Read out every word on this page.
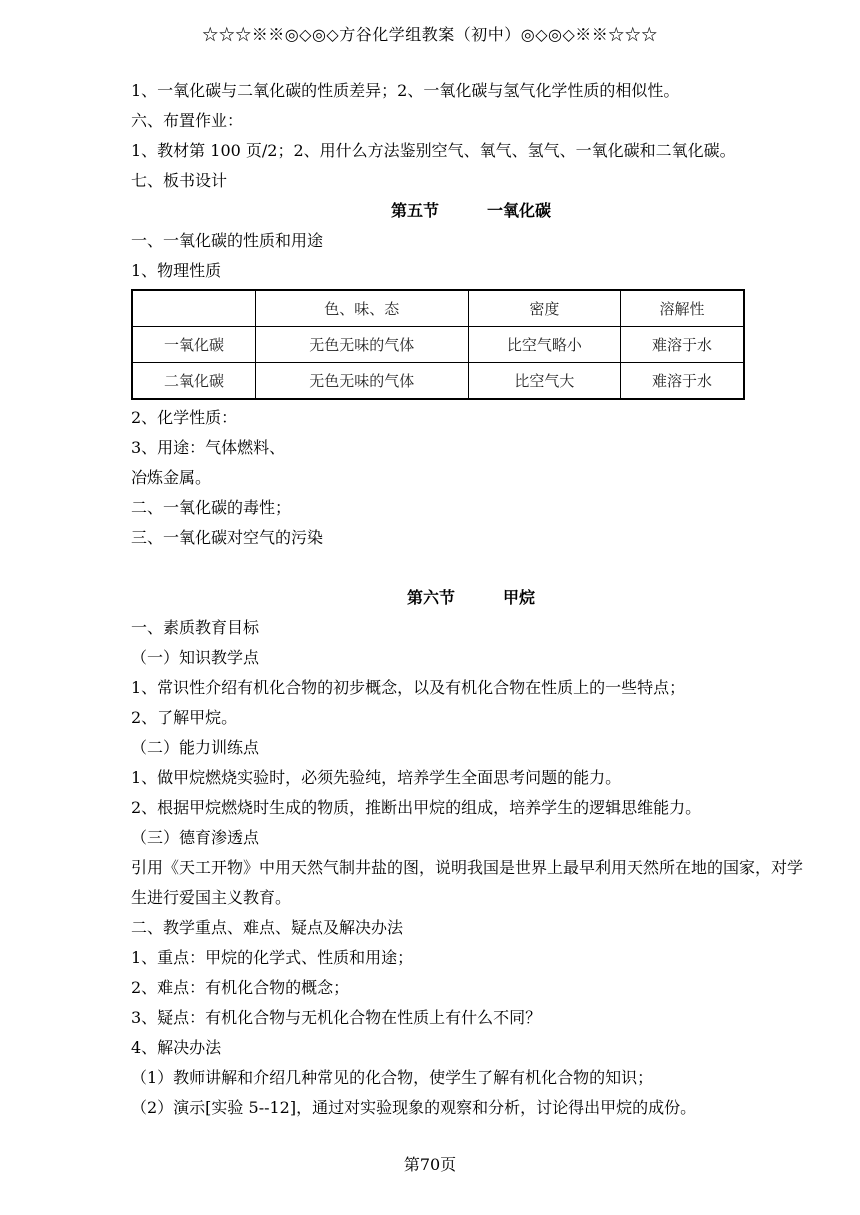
☆☆☆※※◎◇◎◇方谷化学组教案（初中）◎◇◎◇※※☆☆☆

1、一氧化碳与二氧化碳的性质差异；2、一氧化碳与氢气化学性质的相似性。

六、布置作业：

1、教材第 100 页/2；2、用什么方法鉴别空气、氧气、氢气、一氧化碳和二氧化碳。

七、板书设计

第五节　　　一氧化碳

一、一氧化碳的性质和用途

1、物理性质

	色、味、态	密度	溶解性
一氧化碳	无色无味的气体	比空气略小	难溶于水
二氧化碳	无色无味的气体	比空气大	难溶于水

2、化学性质：

3、用途：气体燃料、

冶炼金属。

二、一氧化碳的毒性；

三、一氧化碳对空气的污染

第六节　　　甲烷

一、素质教育目标

（一）知识教学点

1、常识性介绍有机化合物的初步概念，以及有机化合物在性质上的一些特点；

2、了解甲烷。

（二）能力训练点

1、做甲烷燃烧实验时，必须先验纯，培养学生全面思考问题的能力。

2、根据甲烷燃烧时生成的物质，推断出甲烷的组成，培养学生的逻辑思维能力。

（三）德育渗透点

引用《天工开物》中用天然气制井盐的图，说明我国是世界上最早利用天然所在地的国家，对学生进行爱国主义教育。

二、教学重点、难点、疑点及解决办法

1、重点：甲烷的化学式、性质和用途；

2、难点：有机化合物的概念；

3、疑点：有机化合物与无机化合物在性质上有什么不同？

4、解决办法

（1）教师讲解和介绍几种常见的化合物，使学生了解有机化合物的知识；

（2）演示[实验 5--12]，通过对实验现象的观察和分析，讨论得出甲烷的成份。

第70页
